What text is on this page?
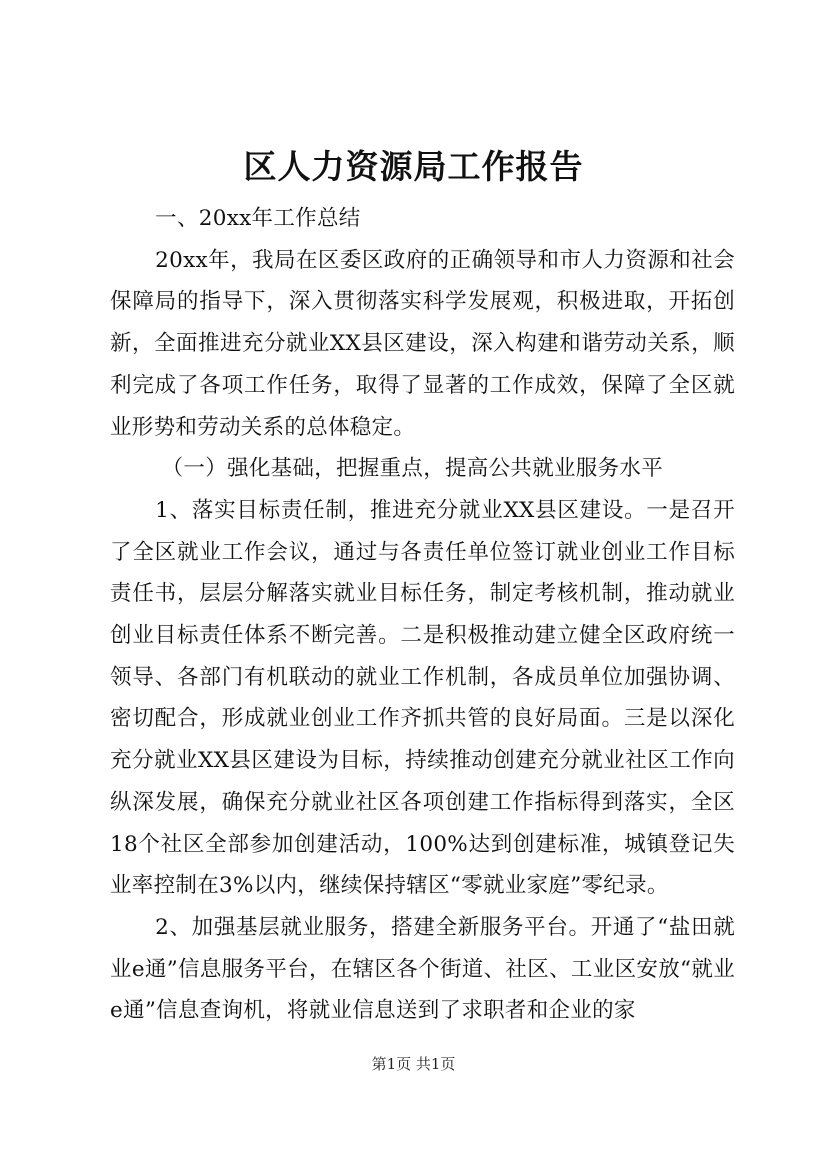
区人力资源局工作报告

一、20xx年工作总结

20xx年，我局在区委区政府的正确领导和市人力资源和社会保障局的指导下，深入贯彻落实科学发展观，积极进取，开拓创新，全面推进充分就业XX县区建设，深入构建和谐劳动关系，顺利完成了各项工作任务，取得了显著的工作成效，保障了全区就业形势和劳动关系的总体稳定。

（一）强化基础，把握重点，提高公共就业服务水平

1、落实目标责任制，推进充分就业XX县区建设。一是召开了全区就业工作会议，通过与各责任单位签订就业创业工作目标责任书，层层分解落实就业目标任务，制定考核机制，推动就业创业目标责任体系不断完善。二是积极推动建立健全区政府统一领导、各部门有机联动的就业工作机制，各成员单位加强协调、密切配合，形成就业创业工作齐抓共管的良好局面。三是以深化充分就业XX县区建设为目标，持续推动创建充分就业社区工作向纵深发展，确保充分就业社区各项创建工作指标得到落实，全区18个社区全部参加创建活动，100%达到创建标准，城镇登记失业率控制在3%以内，继续保持辖区“零就业家庭”零纪录。

2、加强基层就业服务，搭建全新服务平台。开通了“盐田就业e通”信息服务平台，在辖区各个街道、社区、工业区安放“就业e通”信息查询机，将就业信息送到了求职者和企业的家

第1页 共1页
